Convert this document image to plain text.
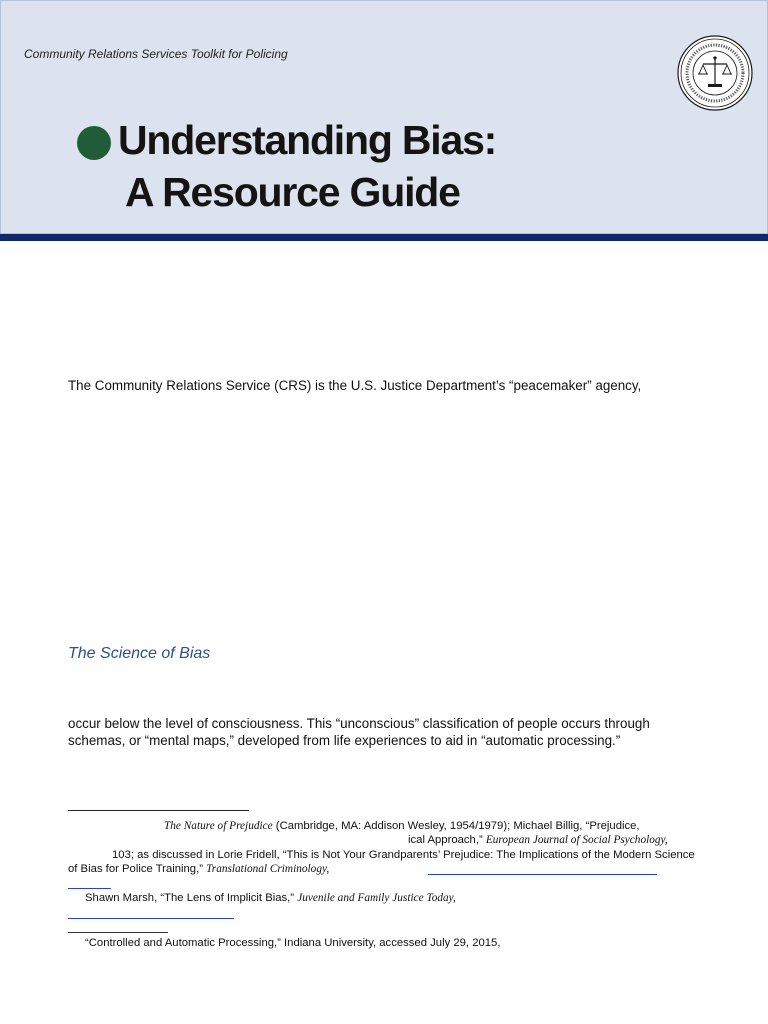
Community Relations Services Toolkit for Policing
Understanding Bias:
A Resource Guide
The Community Relations Service (CRS) is the U.S. Justice Department’s “peacemaker” agency,
The Science of Bias
occur below the level of consciousness. This “unconscious” classification of people occurs through
schemas, or “mental maps,” developed from life experiences to aid in “automatic processing.”
The Nature of Prejudice (Cambridge, MA: Addison Wesley, 1954/1979); Michael Billig, “Prejudice,
ical Approach,” European Journal of Social Psychology,
103; as discussed in Lorie Fridell, “This is Not Your Grandparents’ Prejudice: The Implications of the Modern Science
of Bias for Police Training,” Translational Criminology,
Shawn Marsh, “The Lens of Implicit Bias,” Juvenile and Family Justice Today,
“Controlled and Automatic Processing,” Indiana University, accessed July 29, 2015,
